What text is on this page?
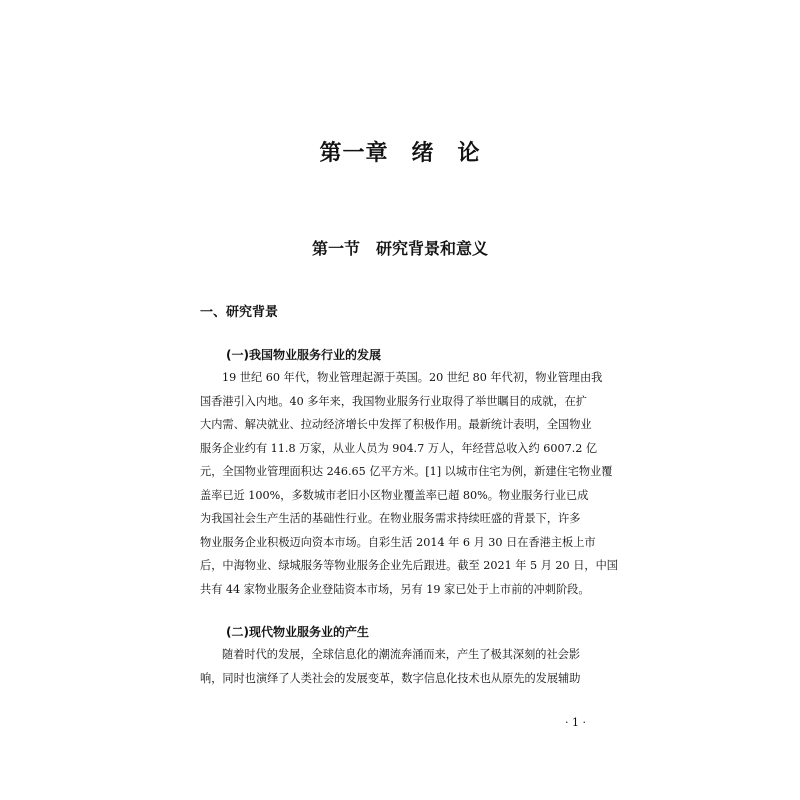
第一章　绪　论
第一节　研究背景和意义
一、研究背景
(一)我国物业服务行业的发展
19 世纪 60 年代，物业管理起源于英国。20 世纪 80 年代初，物业管理由我
国香港引入内地。40 多年来，我国物业服务行业取得了举世瞩目的成就，在扩
大内需、解决就业、拉动经济增长中发挥了积极作用。最新统计表明，全国物业
服务企业约有 11.8 万家，从业人员为 904.7 万人，年经营总收入约 6007.2 亿
元，全国物业管理面积达 246.65 亿平方米。[1] 以城市住宅为例，新建住宅物业覆
盖率已近 100%，多数城市老旧小区物业覆盖率已超 80%。物业服务行业已成
为我国社会生产生活的基础性行业。在物业服务需求持续旺盛的背景下，许多
物业服务企业积极迈向资本市场。自彩生活 2014 年 6 月 30 日在香港主板上市
后，中海物业、绿城服务等物业服务企业先后跟进。截至 2021 年 5 月 20 日，中国
共有 44 家物业服务企业登陆资本市场，另有 19 家已处于上市前的冲刺阶段。
(二)现代物业服务业的产生
随着时代的发展，全球信息化的潮流奔涌而来，产生了极其深刻的社会影
响，同时也演绎了人类社会的发展变革，数字信息化技术也从原先的发展辅助
· 1 ·
